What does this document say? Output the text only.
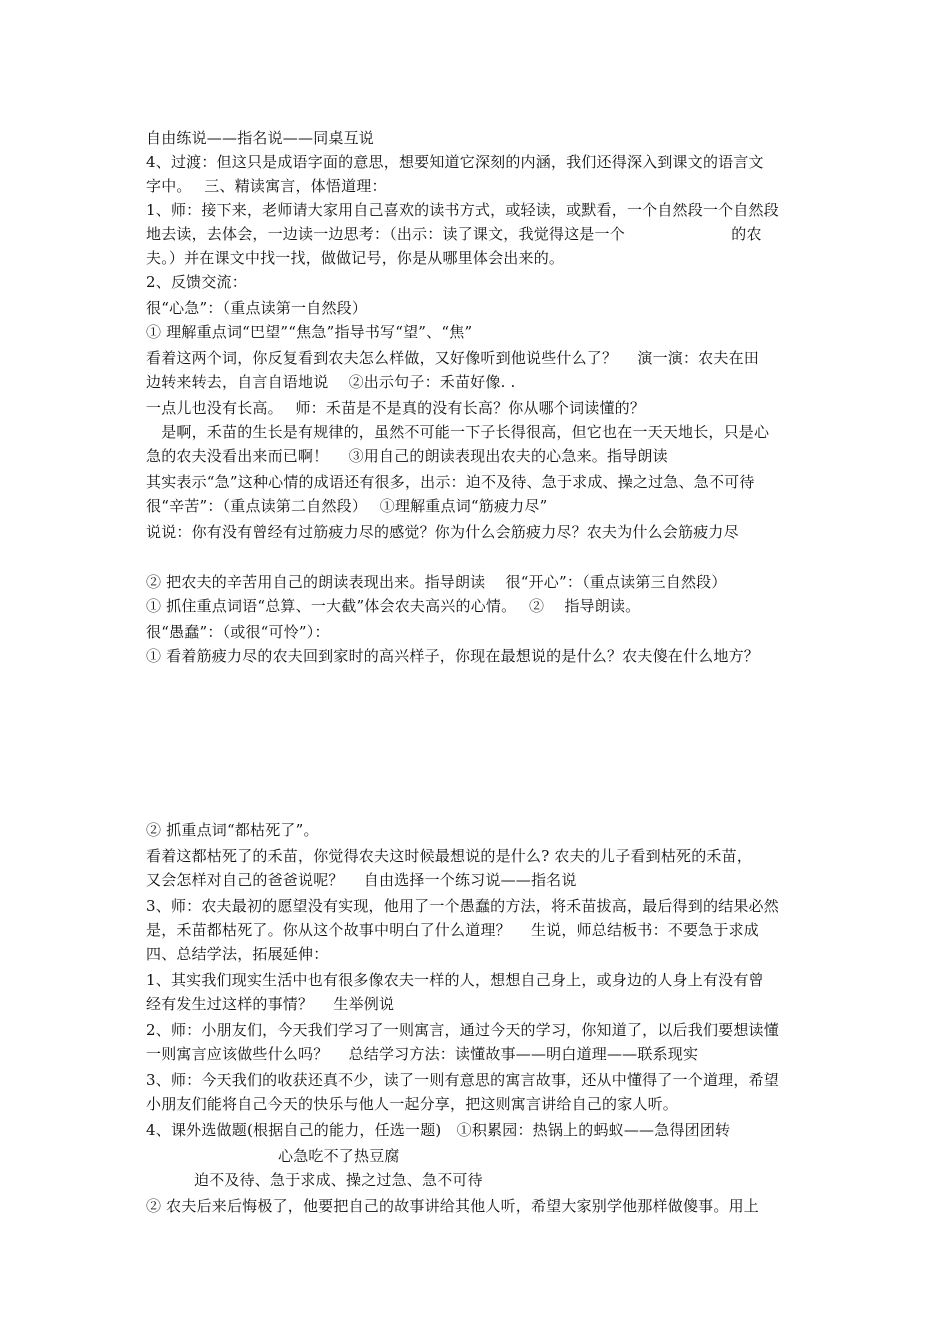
自由练说——指名说——同桌互说
4、过渡：但这只是成语字面的意思，想要知道它深刻的内涵，我们还得深入到课文的语言文
字中。　 三、精读寓言，体悟道理：
1、师：接下来，老师请大家用自己喜欢的读书方式，或轻读，或默看，一个自然段一个自然段
地去读，去体会，一边读一边思考：（出示：读了课文，我觉得这是一个　　　　　　　的农
夫。）并在课文中找一找，做做记号，你是从哪里体会出来的。
2、反馈交流：
很“心急”：（重点读第一自然段）
① 理解重点词“巴望”“焦急”指导书写“望”、“焦”
看着这两个词，你反复看到农夫怎么样做，又好像听到他说些什么了？　 演一演：农夫在田
边转来转去，自言自语地说　 ②出示句子：禾苗好像. .
一点儿也没有长高。　 师：禾苗是不是真的没有长高？你从哪个词读懂的？
　是啊，禾苗的生长是有规律的，虽然不可能一下子长得很高，但它也在一天天地长，只是心
急的农夫没看出来而已啊！　 ③用自己的朗读表现出农夫的心急来。指导朗读
其实表示“急”这种心情的成语还有很多，出示：迫不及待、急于求成、操之过急、急不可待
很“辛苦”：（重点读第二自然段）　 ①理解重点词“筋疲力尽”
说说：你有没有曾经有过筋疲力尽的感觉？你为什么会筋疲力尽？农夫为什么会筋疲力尽
② 把农夫的辛苦用自己的朗读表现出来。指导朗读　 很“开心”：（重点读第三自然段）
① 抓住重点词语“总算、一大截”体会农夫高兴的心情。　 ②　 指导朗读。
很“愚蠢”：（或很“可怜”）：
① 看着筋疲力尽的农夫回到家时的高兴样子，你现在最想说的是什么？农夫傻在什么地方？
② 抓重点词“都枯死了”。
看着这都枯死了的禾苗，你觉得农夫这时候最想说的是什么? 农夫的儿子看到枯死的禾苗，
又会怎样对自己的爸爸说呢？　 自由选择一个练习说——指名说
3、师：农夫最初的愿望没有实现，他用了一个愚蠢的方法，将禾苗拔高，最后得到的结果必然
是，禾苗都枯死了。你从这个故事中明白了什么道理？　 生说，师总结板书：不要急于求成
四、总结学法，拓展延伸：
1、其实我们现实生活中也有很多像农夫一样的人，想想自己身上，或身边的人身上有没有曾
经有发生过这样的事情？　 生举例说
2、师：小朋友们，今天我们学习了一则寓言，通过今天的学习，你知道了，以后我们要想读懂
一则寓言应该做些什么吗？　 总结学习方法：读懂故事——明白道理——联系现实
3、师：今天我们的收获还真不少，读了一则有意思的寓言故事，还从中懂得了一个道理，希望
小朋友们能将自己今天的快乐与他人一起分享，把这则寓言讲给自己的家人听。
4、课外选做题(根据自己的能力，任选一题)　①积累园：热锅上的蚂蚁——急得团团转
心急吃不了热豆腐
迫不及待、急于求成、操之过急、急不可待
② 农夫后来后悔极了，他要把自己的故事讲给其他人听，希望大家别学他那样做傻事。用上
